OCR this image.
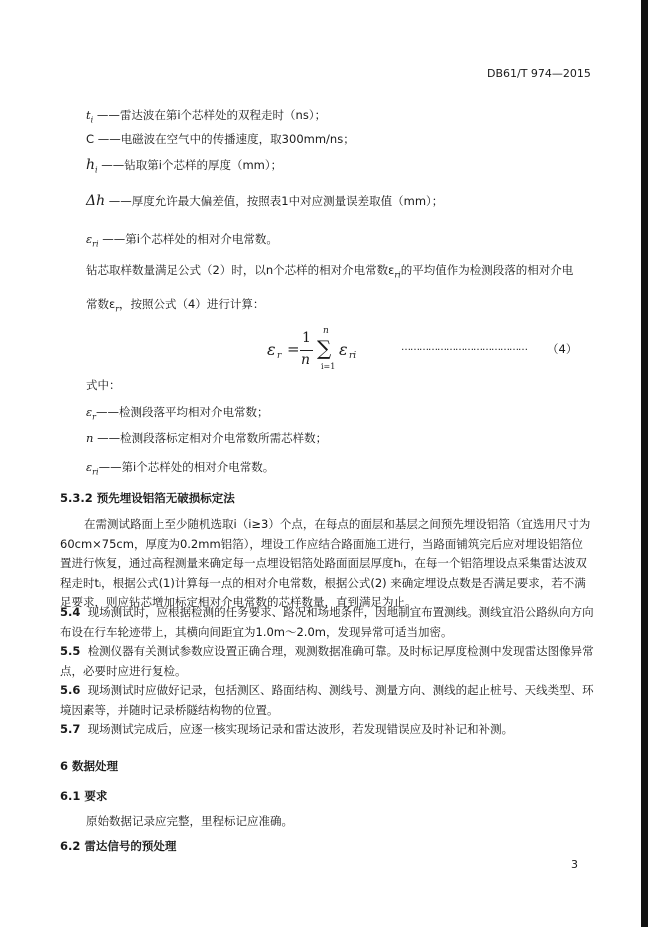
DB61/T 974—2015
$t_i$ ——雷达波在第i个芯样处的双程走时（ns）；
C ——电磁波在空气中的传播速度，取300mm/ns；
$h_i$ ——钻取第i个芯样的厚度（mm）；
Δh ——厚度允许最大偏差值，按照表1中对应测量误差取值（mm）；
$\varepsilon_{ri}$ ——第i个芯样处的相对介电常数。
钻芯取样数量满足公式（2）时，以n个芯样的相对介电常数$\varepsilon_{ri}$的平均值作为检测段落的相对介电
常数$\varepsilon_r$，按照公式（4）进行计算：
ε r =
1
n
n
∑
i=1
ε ri
…………………………………… （4）
式中：
$\varepsilon_r——$检测段落平均相对介电常数；
n ——检测段落标定相对介电常数所需芯样数；
$\varepsilon_{ri}——$第i个芯样处的相对介电常数。
5.3.2 预先埋设铝箔无破损标定法

在需测试路面上至少随机选取i（i≥3）个点，在每点的面层和基层之间预先埋设铝箔（宜选用尺寸为60cm×75cm，厚度为0.2mm铝箔），埋设工作应结合路面施工进行，当路面铺筑完后应对埋设铝箔位置进行恢复，通过高程测量来确定每一点埋设铝箔处路面面层厚度hᵢ，在每一个铝箔埋设点采集雷达波双程走时tᵢ，根据公式(1)计算每一点的相对介电常数，根据公式(2) 来确定埋设点数是否满足要求，若不满足要求，则应钻芯增加标定相对介电常数的芯样数量，直到满足为止。

5.4 现场测试时，应根据检测的任务要求、路况和场地条件，因地制宜布置测线。测线宜沿公路纵向方向布设在行车轮迹带上，其横向间距宜为1.0m～2.0m，发现异常可适当加密。

5.5 检测仪器有关测试参数应设置正确合理，观测数据准确可靠。及时标记厚度检测中发现雷达图像异常点，必要时应进行复检。

5.6 现场测试时应做好记录，包括测区、路面结构、测线号、测量方向、测线的起止桩号、天线类型、环境因素等，并随时记录桥隧结构物的位置。

5.7 现场测试完成后，应逐一核实现场记录和雷达波形，若发现错误应及时补记和补测。

6 数据处理
6.1 要求
原始数据记录应完整，里程标记应准确。
6.2 雷达信号的预处理
3
